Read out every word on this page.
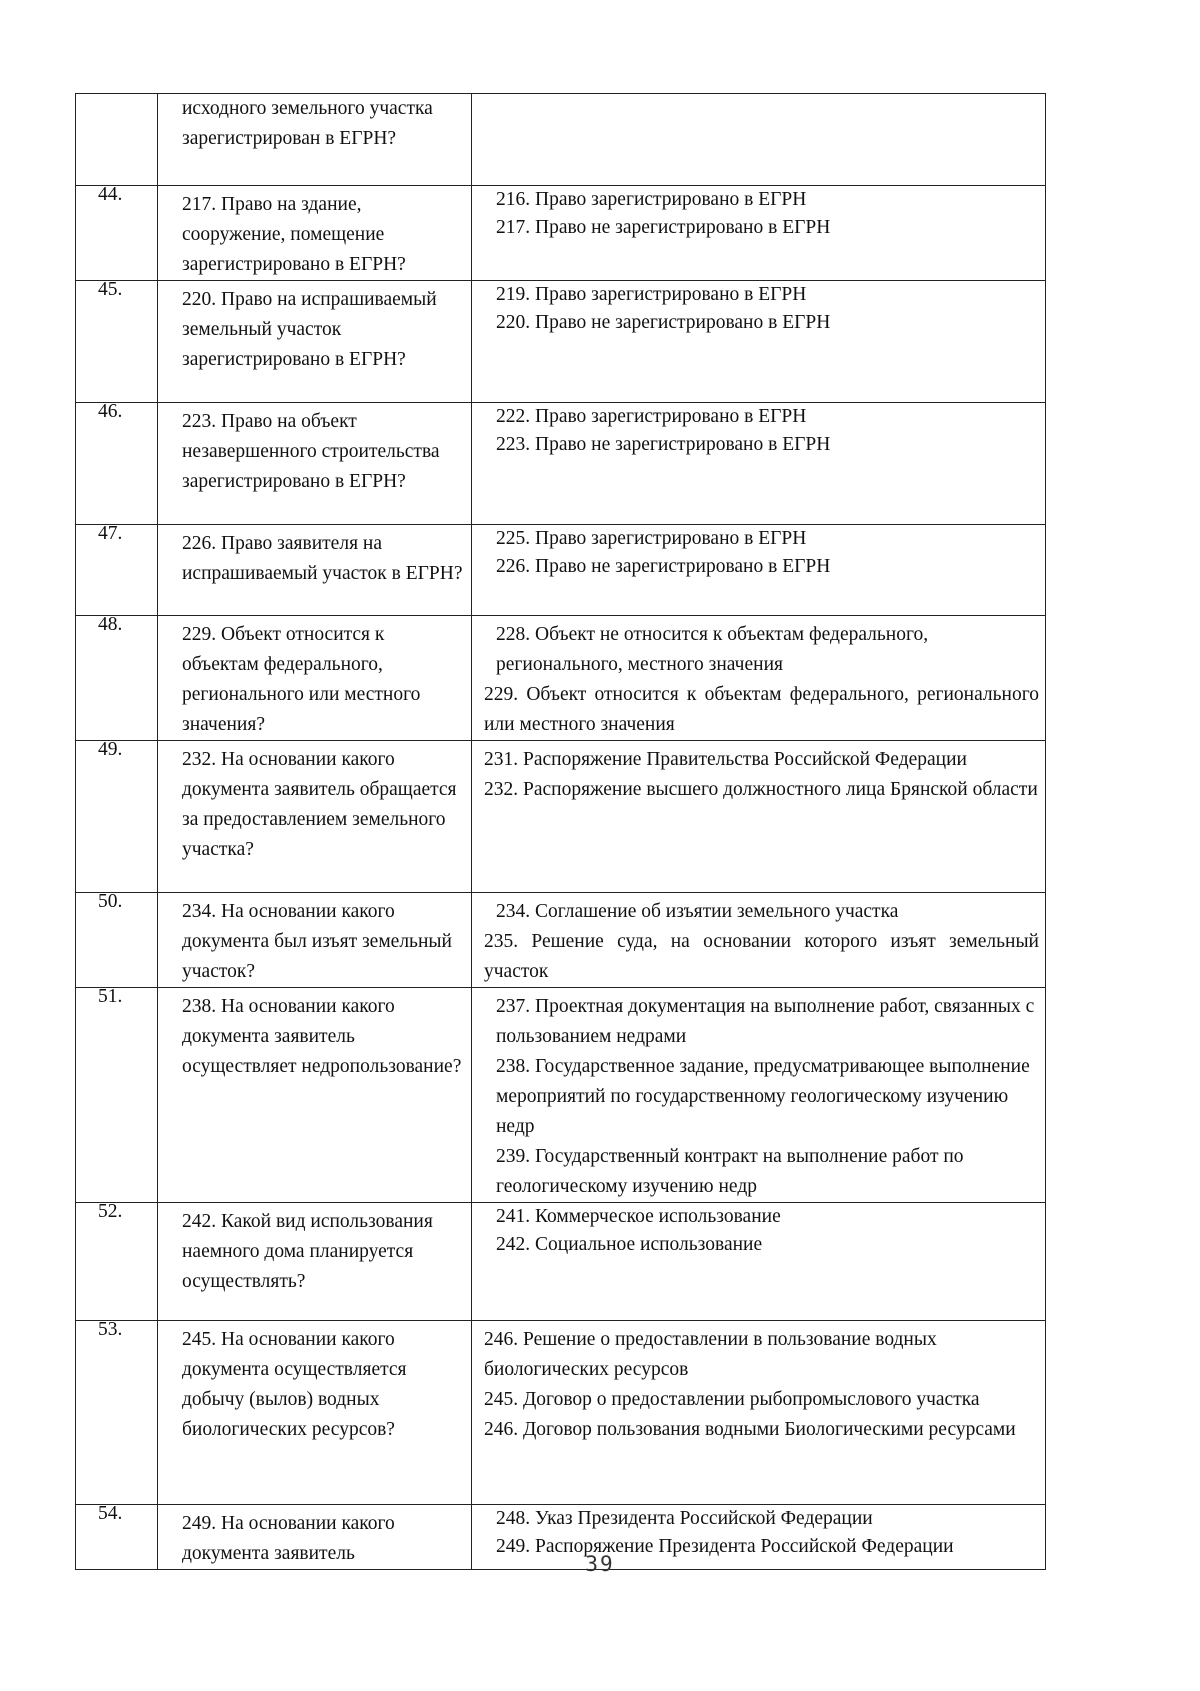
	исходного земельного участка зарегистрирован в ЕГРН?	

44.	217. Право на здание, сооружение, помещение зарегистрировано в ЕГРН?	216. Право зарегистрировано в ЕГРН
217. Право не зарегистрировано в ЕГРН

45.	220. Право на испрашиваемый земельный участок зарегистрировано в ЕГРН?	219. Право зарегистрировано в ЕГРН
220. Право не зарегистрировано в ЕГРН

46.	223. Право на объект незавершенного строительства зарегистрировано в ЕГРН?	222. Право зарегистрировано в ЕГРН
223. Право не зарегистрировано в ЕГРН

47.	226. Право заявителя на испрашиваемый участок в ЕГРН?	225. Право зарегистрировано в ЕГРН
226. Право не зарегистрировано в ЕГРН

48.	229. Объект относится к объектам федерального, регионального или местного значения?	228. Объект не относится к объектам федерального, регионального, местного значения
229. Объект относится к объектам федерального, регионального или местного значения

49.	232. На основании какого документа заявитель обращается за предоставлением земельного участка?	231. Распоряжение Правительства Российской Федерации
232. Распоряжение высшего должностного лица Брянской области

50.	234. На основании какого документа был изъят земельный участок?	234. Соглашение об изъятии земельного участка
235. Решение суда, на основании которого изъят земельный участок

51.	238. На основании какого документа заявитель осуществляет недропользование?	237. Проектная документация на выполнение работ, связанных с пользованием недрами
238. Государственное задание, предусматривающее выполнение мероприятий по государственному геологическому изучению недр
239. Государственный контракт на выполнение работ по геологическому изучению недр

52.	242. Какой вид использования наемного дома планируется осуществлять?	241. Коммерческое использование
242. Социальное использование

53.	245. На основании какого документа осуществляется добычу (вылов) водных биологических ресурсов?	246. Решение о предоставлении в пользование водных биологических ресурсов
245. Договор о предоставлении рыбопромыслового участка
246. Договор пользования водными Биологическими ресурсами

54.	249. На основании какого документа заявитель	248. Указ Президента Российской Федерации
249. Распоряжение Президента Российской Федерации
39
